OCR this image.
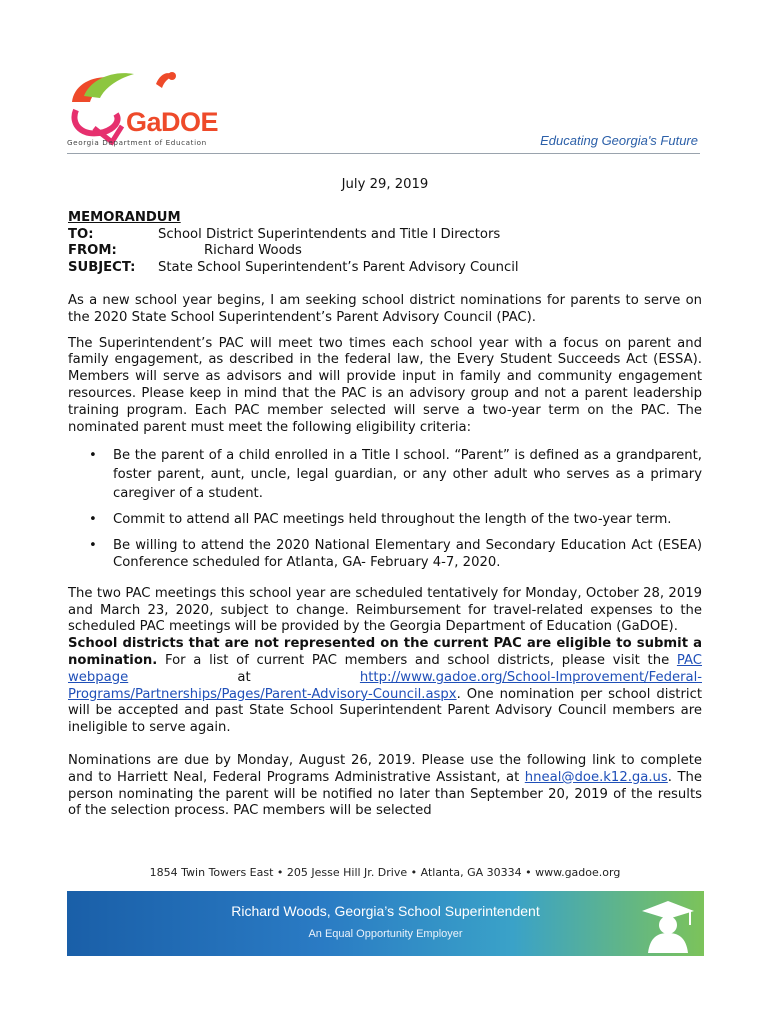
GaDOE
Georgia Department of Education	Educating Georgia's Future

July 29, 2019

MEMORANDUM
TO:	School District Superintendents and Title I Directors
FROM:	Richard Woods
SUBJECT:	State School Superintendent’s Parent Advisory Council

As a new school year begins, I am seeking school district nominations for parents to serve on the 2020 State School Superintendent’s Parent Advisory Council (PAC).

The Superintendent’s PAC will meet two times each school year with a focus on parent and family engagement, as described in the federal law, the Every Student Succeeds Act (ESSA). Members will serve as advisors and will provide input in family and community engagement resources. Please keep in mind that the PAC is an advisory group and not a parent leadership training program. Each PAC member selected will serve a two-year term on the PAC. The nominated parent must meet the following eligibility criteria:

• Be the parent of a child enrolled in a Title I school. “Parent” is defined as a grandparent, foster parent, aunt, uncle, legal guardian, or any other adult who serves as a primary caregiver of a student.
• Commit to attend all PAC meetings held throughout the length of the two-year term.
• Be willing to attend the 2020 National Elementary and Secondary Education Act (ESEA) Conference scheduled for Atlanta, GA- February 4-7, 2020.

The two PAC meetings this school year are scheduled tentatively for Monday, October 28, 2019 and March 23, 2020, subject to change. Reimbursement for travel-related expenses to the scheduled PAC meetings will be provided by the Georgia Department of Education (GaDOE).

School districts that are not represented on the current PAC are eligible to submit a nomination. For a list of current PAC members and school districts, please visit the PAC webpage at http://www.gadoe.org/School-Improvement/Federal-Programs/Partnerships/Pages/Parent-Advisory-Council.aspx. One nomination per school district will be accepted and past State School Superintendent Parent Advisory Council members are ineligible to serve again.

Nominations are due by Monday, August 26, 2019. Please use the following link to complete and to Harriett Neal, Federal Programs Administrative Assistant, at hneal@doe.k12.ga.us. The person nominating the parent will be notified no later than September 20, 2019 of the results of the selection process. PAC members will be selected

1854 Twin Towers East • 205 Jesse Hill Jr. Drive • Atlanta, GA 30334 • www.gadoe.org
Richard Woods, Georgia’s School Superintendent
An Equal Opportunity Employer
